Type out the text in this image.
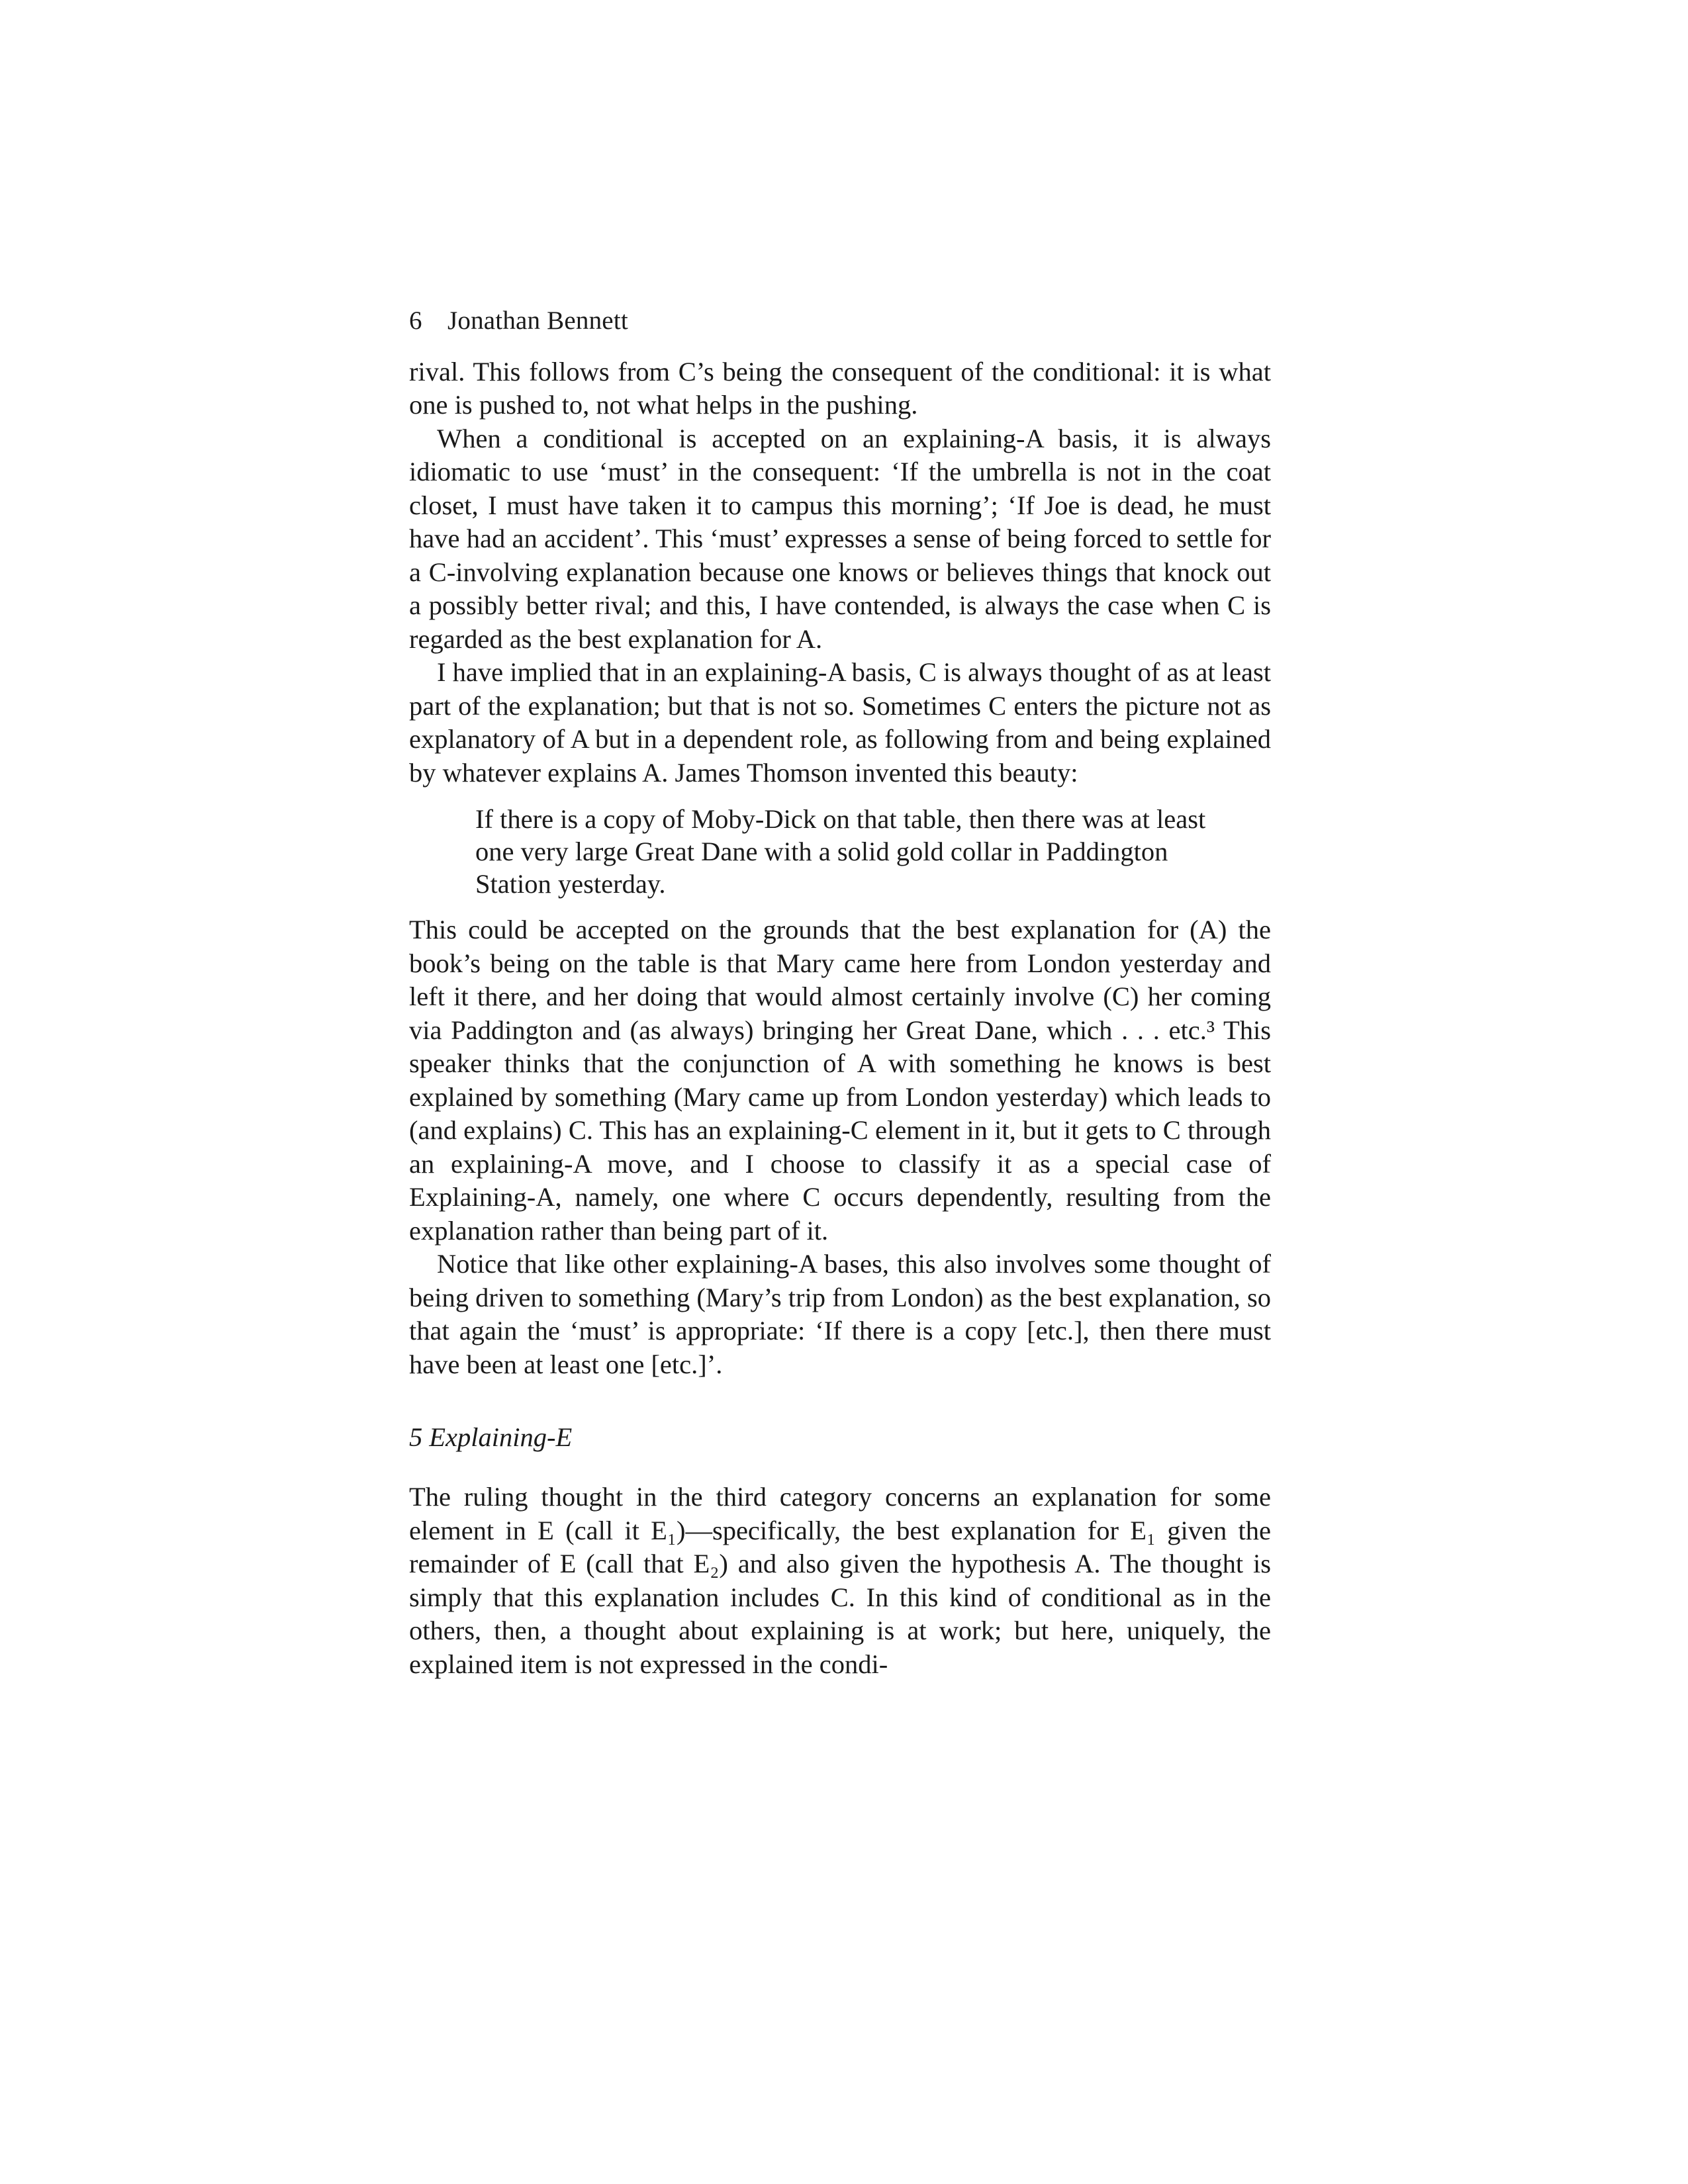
6 Jonathan Bennett

rival. This follows from C’s being the consequent of the conditional: it is what one is pushed to, not what helps in the pushing.

When a conditional is accepted on an explaining-A basis, it is always idiomatic to use ‘must’ in the consequent: ‘If the umbrella is not in the coat closet, I must have taken it to campus this morning’; ‘If Joe is dead, he must have had an accident’. This ‘must’ expresses a sense of being forced to settle for a C-involving explanation because one knows or believes things that knock out a possibly better rival; and this, I have contended, is always the case when C is regarded as the best explanation for A.

I have implied that in an explaining-A basis, C is always thought of as at least part of the explanation; but that is not so. Sometimes C enters the picture not as explanatory of A but in a dependent role, as following from and being explained by whatever explains A. James Thomson invented this beauty:

If there is a copy of Moby-Dick on that table, then there was at least one very large Great Dane with a solid gold collar in Paddington Station yesterday.

This could be accepted on the grounds that the best explanation for (A) the book’s being on the table is that Mary came here from London yesterday and left it there, and her doing that would almost certainly involve (C) her coming via Paddington and (as always) bringing her Great Dane, which . . . etc.³ This speaker thinks that the conjunction of A with something he knows is best explained by something (Mary came up from London yesterday) which leads to (and explains) C. This has an explaining-C element in it, but it gets to C through an explaining-A move, and I choose to classify it as a special case of Explaining-A, namely, one where C occurs dependently, resulting from the explanation rather than being part of it.

Notice that like other explaining-A bases, this also involves some thought of being driven to something (Mary’s trip from London) as the best explanation, so that again the ‘must’ is appropriate: ‘If there is a copy [etc.], then there must have been at least one [etc.]’.

5 Explaining-E

The ruling thought in the third category concerns an explanation for some element in E (call it E₁)—specifically, the best explanation for E₁ given the remainder of E (call that E₂) and also given the hypothesis A. The thought is simply that this explanation includes C. In this kind of conditional as in the others, then, a thought about explaining is at work; but here, uniquely, the explained item is not expressed in the condi-
